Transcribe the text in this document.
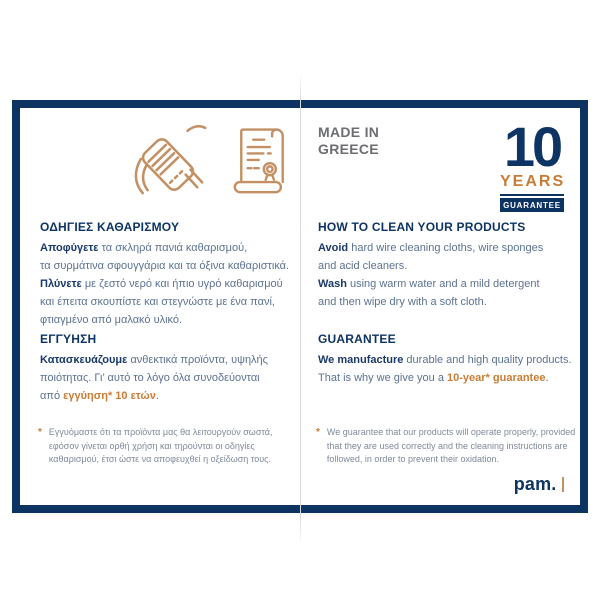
MADE IN
GREECE 10
YEARS
GUARANTEE
ΟΔΗΓΙΕΣ ΚΑΘΑΡΙΣΜΟΥ
Αποφύγετε τα σκληρά πανιά καθαρισμού,
τα συρμάτινα σφουγγάρια και τα όξινα καθαριστικά.
Πλύνετε με ζεστό νερό και ήπιο υγρό καθαρισμού
και έπειτα σκουπίστε και στεγνώστε με ένα πανί,
φτιαγμένο από μαλακό υλικό.
ΕΓΓΥΗΣΗ
Κατασκευάζουμε ανθεκτικά προϊόντα, υψηλής
ποιότητας. Γι’ αυτό το λόγο όλα συνοδεύονται
από εγγύηση* 10 ετών.
* Εγγυόμαστε ότι τα προϊόντα μας θα λειτουργούν σωστά, εφόσον γίνεται ορθή χρήση και τηρούνται οι οδηγίες καθαρισμού, έτσι ώστε να αποφευχθεί η οξείδωση τους.
HOW TO CLEAN YOUR PRODUCTS
Avoid hard wire cleaning cloths, wire sponges
and acid cleaners.
Wash using warm water and a mild detergent
and then wipe dry with a soft cloth.
GUARANTEE
We manufacture durable and high quality products.
That is why we give you a 10-year* guarantee.
* We guarantee that our products will operate properly, provided that they are used correctly and the cleaning instructions are followed, in order to prevent their oxidation.
pam.
